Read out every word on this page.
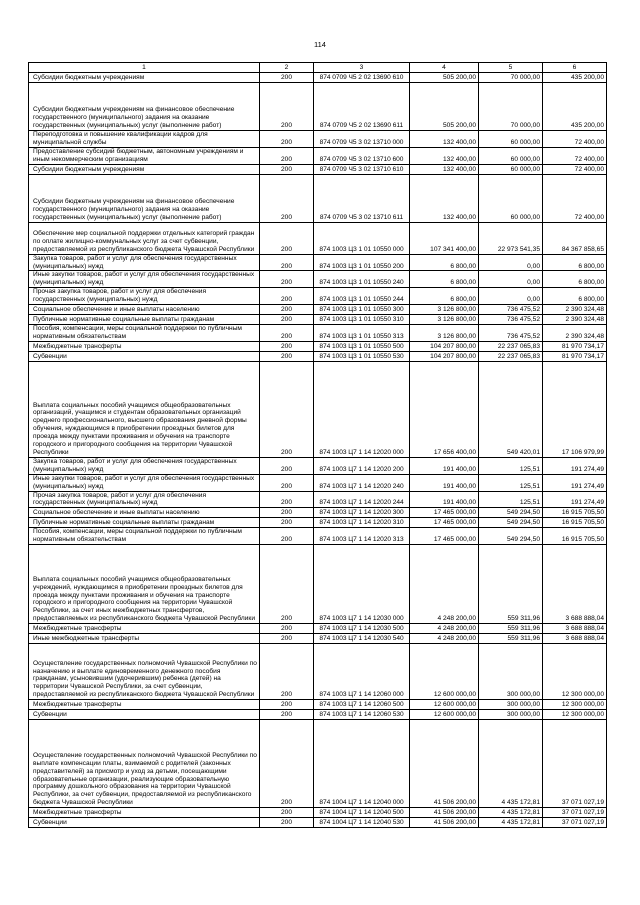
114
1	2	3	4	5	6
Субсидии бюджетным учреждениям	200	874 0709 Ч5 2 02 13690 610	505 200,00	70 000,00	435 200,00
Субсидии бюджетным учреждениям на финансовое обеспечение государственного (муниципального) задания на оказание государственных (муниципальных) услуг (выполнение работ)	200	874 0709 Ч5 2 02 13690 611	505 200,00	70 000,00	435 200,00
Переподготовка и повышение квалификации кадров для муниципальной службы	200	874 0709 Ч5 3 02 13710 000	132 400,00	60 000,00	72 400,00
Предоставление субсидий бюджетным, автономным учреждениям и иным некоммерческим организациям	200	874 0709 Ч5 3 02 13710 600	132 400,00	60 000,00	72 400,00
Субсидии бюджетным учреждениям	200	874 0709 Ч5 3 02 13710 610	132 400,00	60 000,00	72 400,00
Субсидии бюджетным учреждениям на финансовое обеспечение государственного (муниципального) задания на оказание государственных (муниципальных) услуг (выполнение работ)	200	874 0709 Ч5 3 02 13710 611	132 400,00	60 000,00	72 400,00
Обеспечение мер социальной поддержки отдельных категорий граждан по оплате жилищно-коммунальных услуг за счет субвенции, предоставляемой из республиканского бюджета Чувашской Республики	200	874 1003 Ц3 1 01 10550 000	107 341 400,00	22 973 541,35	84 367 858,65
Закупка товаров, работ и услуг для обеспечения государственных (муниципальных) нужд	200	874 1003 Ц3 1 01 10550 200	6 800,00	0,00	6 800,00
Иные закупки товаров, работ и услуг для обеспечения государственных (муниципальных) нужд	200	874 1003 Ц3 1 01 10550 240	6 800,00	0,00	6 800,00
Прочая закупка товаров, работ и услуг для обеспечения государственных (муниципальных) нужд	200	874 1003 Ц3 1 01 10550 244	6 800,00	0,00	6 800,00
Социальное обеспечение и иные выплаты населению	200	874 1003 Ц3 1 01 10550 300	3 126 800,00	736 475,52	2 390 324,48
Публичные нормативные социальные выплаты гражданам	200	874 1003 Ц3 1 01 10550 310	3 126 800,00	736 475,52	2 390 324,48
Пособия, компенсации, меры социальной поддержки по публичным нормативным обязательствам	200	874 1003 Ц3 1 01 10550 313	3 126 800,00	736 475,52	2 390 324,48
Межбюджетные трансферты	200	874 1003 Ц3 1 01 10550 500	104 207 800,00	22 237 065,83	81 970 734,17
Субвенции	200	874 1003 Ц3 1 01 10550 530	104 207 800,00	22 237 065,83	81 970 734,17
Выплата социальных пособий учащимся общеобразовательных организаций, учащимся и студентам образовательных организаций среднего профессионального, высшего образования дневной формы обучения, нуждающимся в приобретении проездных билетов для проезда между пунктами проживания и обучения на транспорте городского и пригородного сообщения на территории Чувашской Республики	200	874 1003 Ц7 1 14 12020 000	17 656 400,00	549 420,01	17 106 979,99
Закупка товаров, работ и услуг для обеспечения государственных (муниципальных) нужд	200	874 1003 Ц7 1 14 12020 200	191 400,00	125,51	191 274,49
Иные закупки товаров, работ и услуг для обеспечения государственных (муниципальных) нужд	200	874 1003 Ц7 1 14 12020 240	191 400,00	125,51	191 274,49
Прочая закупка товаров, работ и услуг для обеспечения государственных (муниципальных) нужд	200	874 1003 Ц7 1 14 12020 244	191 400,00	125,51	191 274,49
Социальное обеспечение и иные выплаты населению	200	874 1003 Ц7 1 14 12020 300	17 465 000,00	549 294,50	16 915 705,50
Публичные нормативные социальные выплаты гражданам	200	874 1003 Ц7 1 14 12020 310	17 465 000,00	549 294,50	16 915 705,50
Пособия, компенсации, меры социальной поддержки по публичным нормативным обязательствам	200	874 1003 Ц7 1 14 12020 313	17 465 000,00	549 294,50	16 915 705,50
Выплата социальных пособий учащимся общеобразовательных учреждений, нуждающимся в приобретении проездных билетов для проезда между пунктами проживания и обучения на транспорте городского и пригородного сообщения на территории Чувашской Республики, за счет иных межбюджетных трансфертов, предоставляемых из республиканского бюджета Чувашской Республики	200	874 1003 Ц7 1 14 12030 000	4 248 200,00	559 311,96	3 688 888,04
Межбюджетные трансферты	200	874 1003 Ц7 1 14 12030 500	4 248 200,00	559 311,96	3 688 888,04
Иные межбюджетные трансферты	200	874 1003 Ц7 1 14 12030 540	4 248 200,00	559 311,96	3 688 888,04
Осуществление государственных полномочий Чувашской Республики по назначению и выплате единовременного денежного пособия гражданам, усыновившим (удочерившим) ребенка (детей) на территории Чувашской Республики, за счет субвенции, предоставляемой из республиканского бюджета Чувашской Республики	200	874 1003 Ц7 1 14 12060 000	12 600 000,00	300 000,00	12 300 000,00
Межбюджетные трансферты	200	874 1003 Ц7 1 14 12060 500	12 600 000,00	300 000,00	12 300 000,00
Субвенции	200	874 1003 Ц7 1 14 12060 530	12 600 000,00	300 000,00	12 300 000,00
Осуществление государственных полномочий Чувашской Республики по выплате компенсации платы, взимаемой с родителей (законных представителей) за присмотр и уход за детьми, посещающими образовательные организации, реализующие образовательную программу дошкольного образования на территории Чувашской Республики, за счет субвенции, предоставляемой из республиканского бюджета Чувашской Республики	200	874 1004 Ц7 1 14 12040 000	41 506 200,00	4 435 172,81	37 071 027,19
Межбюджетные трансферты	200	874 1004 Ц7 1 14 12040 500	41 506 200,00	4 435 172,81	37 071 027,19
Субвенции	200	874 1004 Ц7 1 14 12040 530	41 506 200,00	4 435 172,81	37 071 027,19
